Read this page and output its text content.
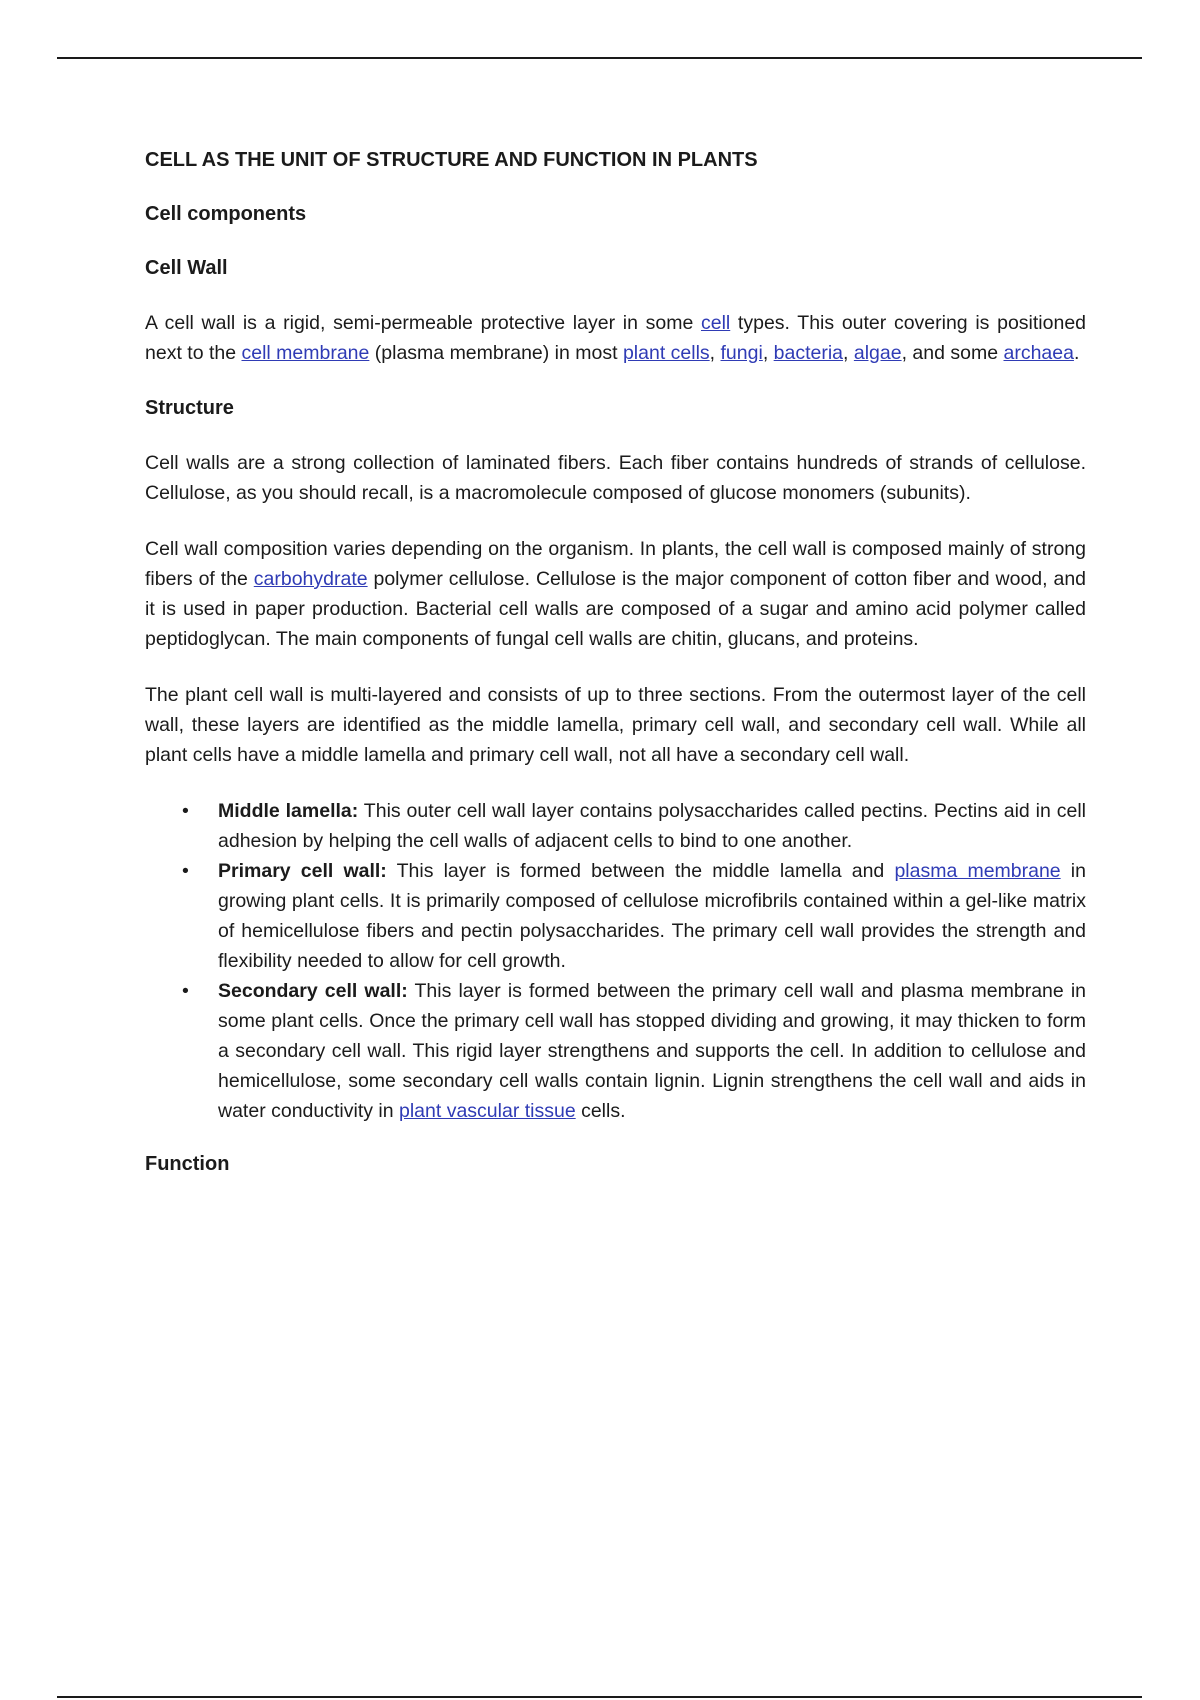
CELL AS THE UNIT OF STRUCTURE AND FUNCTION IN PLANTS
Cell components
Cell Wall

A cell wall is a rigid, semi-permeable protective layer in some cell types. This outer covering is positioned next to the cell membrane (plasma membrane) in most plant cells, fungi, bacteria, algae, and some archaea.

Structure

Cell walls are a strong collection of laminated fibers. Each fiber contains hundreds of strands of cellulose. Cellulose, as you should recall, is a macromolecule composed of glucose monomers (subunits).

Cell wall composition varies depending on the organism. In plants, the cell wall is composed mainly of strong fibers of the carbohydrate polymer cellulose. Cellulose is the major component of cotton fiber and wood, and it is used in paper production. Bacterial cell walls are composed of a sugar and amino acid polymer called peptidoglycan. The main components of fungal cell walls are chitin, glucans, and proteins.

The plant cell wall is multi-layered and consists of up to three sections. From the outermost layer of the cell wall, these layers are identified as the middle lamella, primary cell wall, and secondary cell wall. While all plant cells have a middle lamella and primary cell wall, not all have a secondary cell wall.

• Middle lamella: This outer cell wall layer contains polysaccharides called pectins. Pectins aid in cell adhesion by helping the cell walls of adjacent cells to bind to one another.
• Primary cell wall: This layer is formed between the middle lamella and plasma membrane in growing plant cells. It is primarily composed of cellulose microfibrils contained within a gel-like matrix of hemicellulose fibers and pectin polysaccharides. The primary cell wall provides the strength and flexibility needed to allow for cell growth.
• Secondary cell wall: This layer is formed between the primary cell wall and plasma membrane in some plant cells. Once the primary cell wall has stopped dividing and growing, it may thicken to form a secondary cell wall. This rigid layer strengthens and supports the cell. In addition to cellulose and hemicellulose, some secondary cell walls contain lignin. Lignin strengthens the cell wall and aids in water conductivity in plant vascular tissue cells.
Function
